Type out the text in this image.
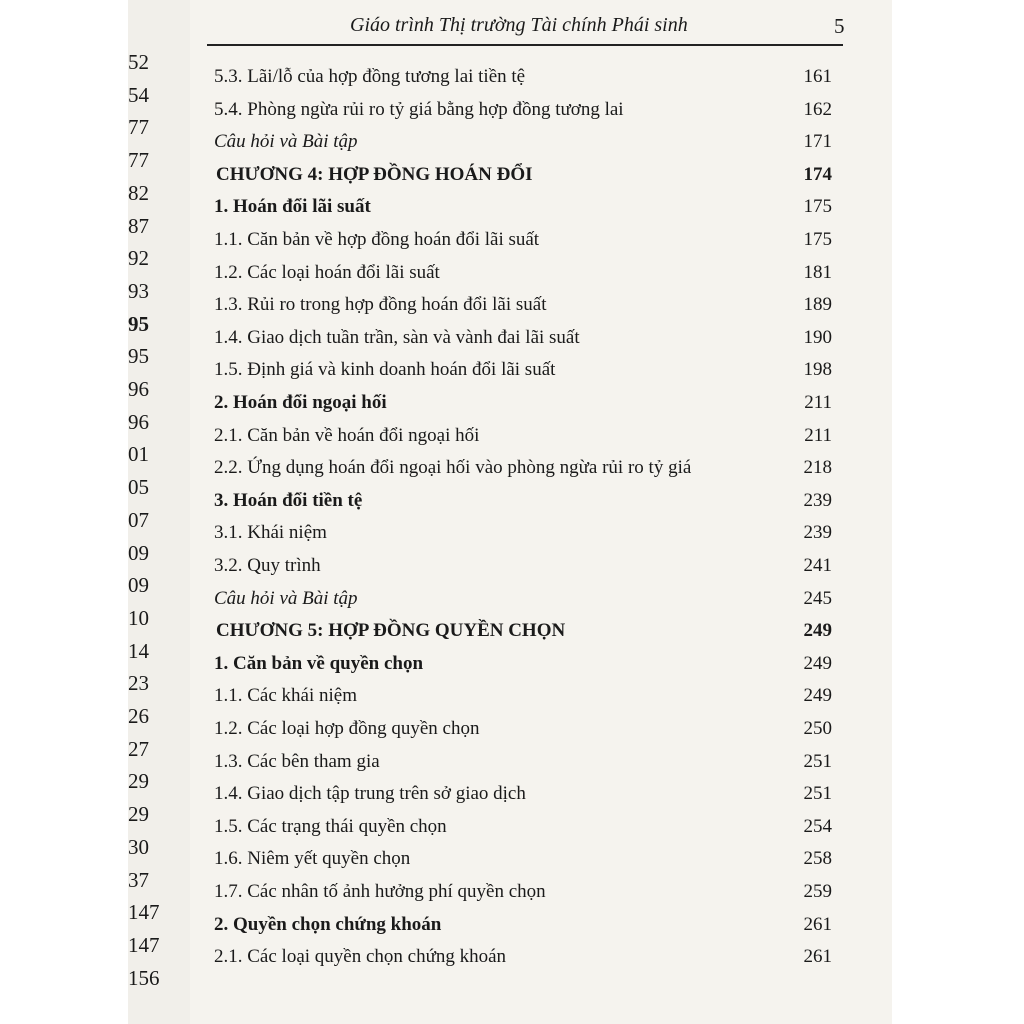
52
54
77
77
82
87
92
93
95
95
96
96
01
05
07
09
09
10
14
23
26
27
29
29
30
37
147
147
156
Giáo trình Thị trường Tài chính Phái sinh	5
5.3. Lãi/lỗ của hợp đồng tương lai tiền tệ	161
5.4. Phòng ngừa rủi ro tỷ giá bằng hợp đồng tương lai	162
Câu hỏi và Bài tập	171
CHƯƠNG 4: HỢP ĐỒNG HOÁN ĐỔI	174
1. Hoán đổi lãi suất	175
1.1. Căn bản về hợp đồng hoán đổi lãi suất	175
1.2. Các loại hoán đổi lãi suất	181
1.3. Rủi ro trong hợp đồng hoán đổi lãi suất	189
1.4. Giao dịch tuần trần, sàn và vành đai lãi suất	190
1.5. Định giá và kinh doanh hoán đổi lãi suất	198
2. Hoán đổi ngoại hối	211
2.1. Căn bản về hoán đổi ngoại hối	211
2.2. Ứng dụng hoán đổi ngoại hối vào phòng ngừa rủi ro tỷ giá	218
3. Hoán đổi tiền tệ	239
3.1. Khái niệm	239
3.2. Quy trình	241
Câu hỏi và Bài tập	245
CHƯƠNG 5: HỢP ĐỒNG QUYỀN CHỌN	249
1. Căn bản về quyền chọn	249
1.1. Các khái niệm	249
1.2. Các loại hợp đồng quyền chọn	250
1.3. Các bên tham gia	251
1.4. Giao dịch tập trung trên sở giao dịch	251
1.5. Các trạng thái quyền chọn	254
1.6. Niêm yết quyền chọn	258
1.7. Các nhân tố ảnh hưởng phí quyền chọn	259
2. Quyền chọn chứng khoán	261
2.1. Các loại quyền chọn chứng khoán	261
